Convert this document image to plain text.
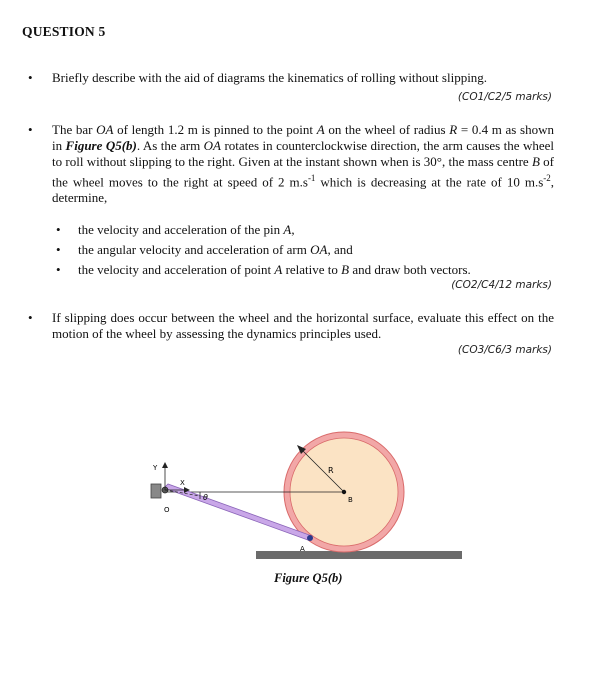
QUESTION 5
• Briefly describe with the aid of diagrams the kinematics of rolling without slipping.
(CO1/C2/5 marks)
• The bar OA of length 1.2 m is pinned to the point A on the wheel of radius R = 0.4 m as shown in Figure Q5(b). As the arm OA rotates in counterclockwise direction, the arm causes the wheel to roll without slipping to the right. Given at the instant shown when is 30°, the mass centre B of the wheel moves to the right at speed of 2 $m.s^{-1}$ which is decreasing at the rate of 10 $m.s^{-2}$, determine,
• the velocity and acceleration of the pin A,
• the angular velocity and acceleration of arm OA, and
• the velocity and acceleration of point A relative to B and draw both vectors.
(CO2/C4/12 marks)
• If slipping does occur between the wheel and the horizontal surface, evaluate this effect on the motion of the wheel by assessing the dynamics principles used.
(CO3/C6/3 marks)
Y
X
O
θ
R
B
A
Figure Q5(b)
